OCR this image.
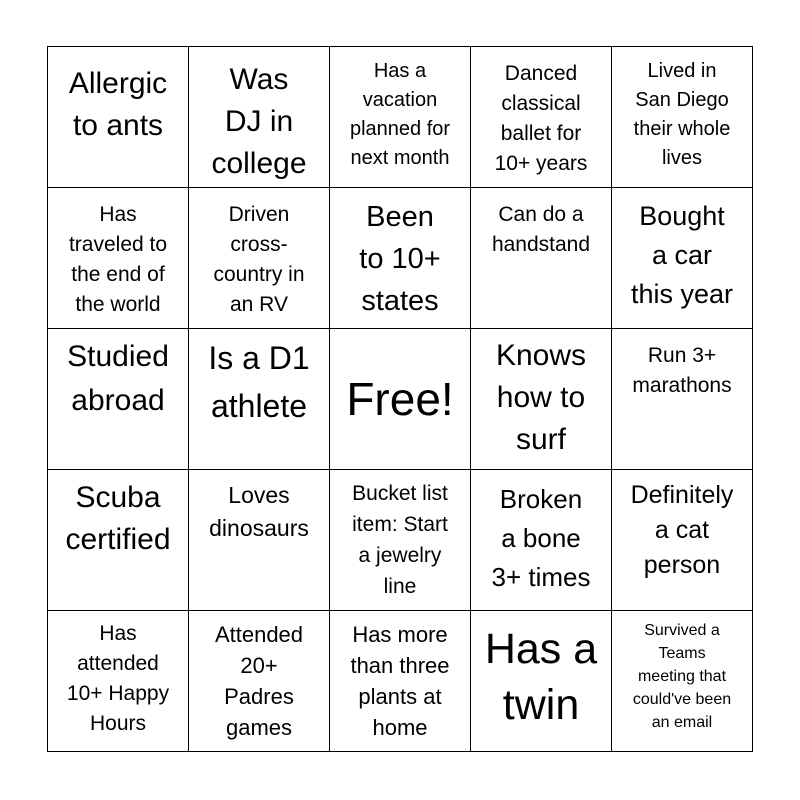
Allergic
to ants
Was
DJ in
college
Has a
vacation
planned for
next month
Danced
classical
ballet for
10+ years
Lived in
San Diego
their whole
lives
Has
traveled to
the end of
the world
Driven
cross-
country in
an RV
Been
to 10+
states
Can do a
handstand
Bought
a car
this year
Studied
abroad
Is a D1
athlete Free!
Knows
how to
surf
Run 3+
marathons
Scuba
certified
Loves
dinosaurs
Bucket list
item: Start
a jewelry
line
Broken
a bone
3+ times
Definitely
a cat
person
Has
attended
10+ Happy
Hours
Attended
20+
Padres
games
Has more
than three
plants at
home
Has a
twin
Survived a
Teams
meeting that
could've been
an email
